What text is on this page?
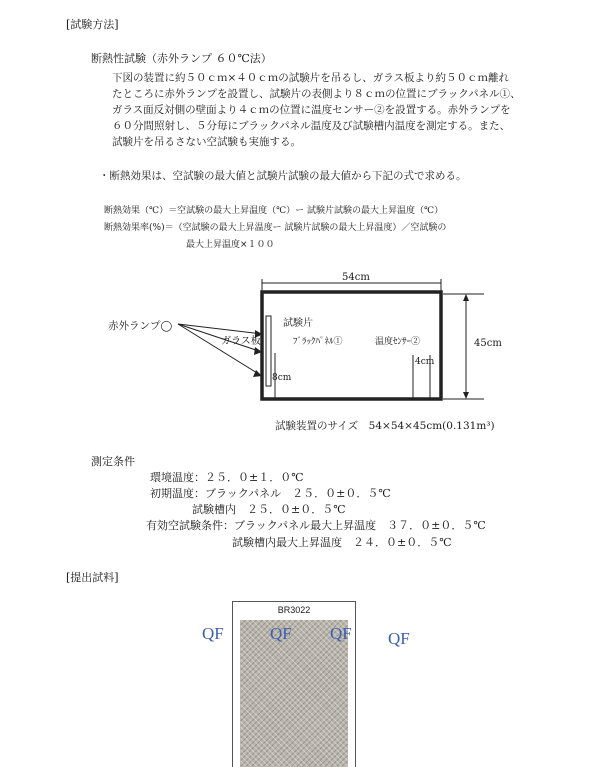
[試験方法]
断熱性試験（赤外ランプ ６０℃法）
下図の装置に約５０ｃｍ×４０ｃｍの試験片を吊るし、ガラス板より約５０ｃｍ離れ
たところに赤外ランプを設置し、試験片の表側より８ｃｍの位置にブラックパネル①、
ガラス面反対側の壁面より４ｃｍの位置に温度センサー②を設置する。赤外ランプを
６０分間照射し、５分毎にブラックパネル温度及び試験槽内温度を測定する。また、
試験片を吊るさない空試験も実施する。
・断熱効果は、空試験の最大値と試験片試験の最大値から下記の式で求める。
断熱効果（℃）＝空試験の最大上昇温度（℃）ー 試験片試験の最大上昇温度（℃）
断熱効果率(%)＝（空試験の最大上昇温度ー 試験片試験の最大上昇温度）／空試験の
最大上昇温度×１００
54cm
45cm
赤外ランプ◯
ガラス板
試験片
ﾌﾞﾗｯｸﾊﾟﾈﾙ①	温度ｾﾝｻｰ②
8cm
4cm
試験装置のサイズ　54×54×45cm(0.131m³)
測定条件
環境温度：２５．０±１．０℃
初期温度：ブラックパネル　２５．０±０．５℃
試験槽内　２５．０±０．５℃
有効空試験条件：ブラックパネル最大上昇温度　３７．０±０．５℃
試験槽内最大上昇温度　２４．０±０．５℃
[提出試料]
BR3022
QF	QF QF QF
